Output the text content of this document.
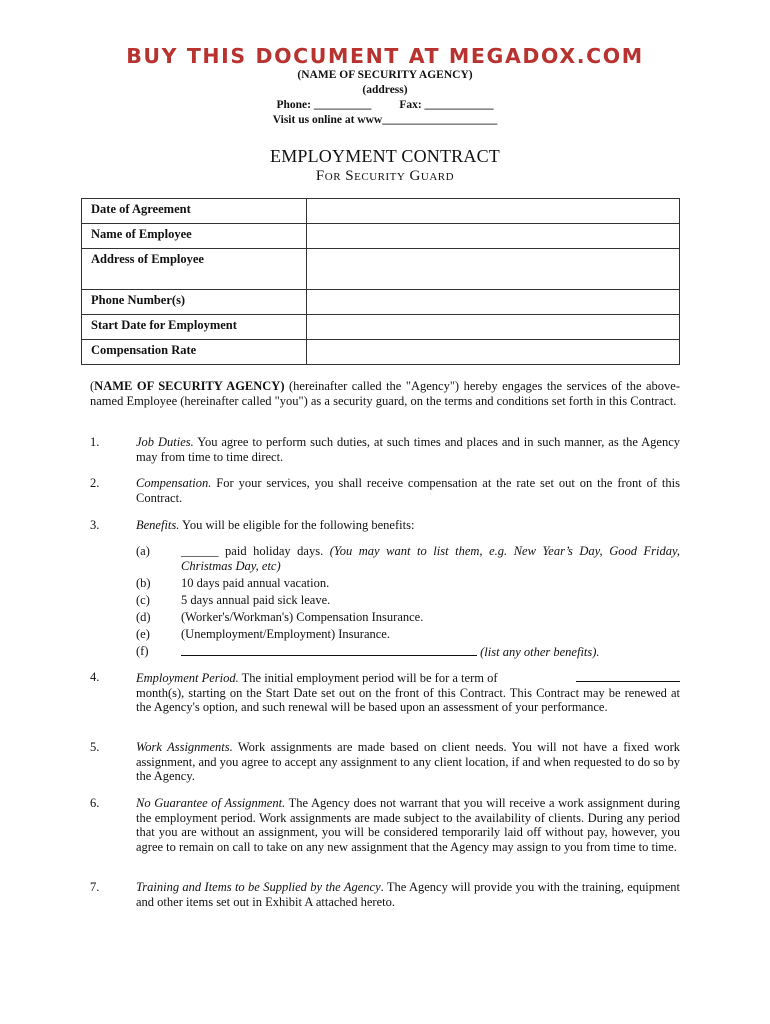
BUY THIS DOCUMENT AT MEGADOX.COM
(NAME OF SECURITY AGENCY)
(address)
Phone: __________ Fax: ____________
Visit us online at www____________________
EMPLOYMENT CONTRACT
For Security Guard
Date of Agreement	
Name of Employee	
Address of Employee	
Phone Number(s)	
Start Date for Employment	
Compensation Rate	
(NAME OF SECURITY AGENCY) (hereinafter called the "Agency") hereby engages the services of the above-named Employee (hereinafter called "you") as a security guard, on the terms and conditions set forth in this Contract.
1.	Job Duties. You agree to perform such duties, at such times and places and in such manner, as the Agency may from time to time direct.
2.	Compensation. For your services, you shall receive compensation at the rate set out on the front of this Contract.
3.	Benefits. You will be eligible for the following benefits:
(a) ______ paid holiday days. (You may want to list them, e.g. New Year’s Day, Good Friday, Christmas Day, etc)
(b) 10 days paid annual vacation.
(c) 5 days annual paid sick leave.
(d) (Worker's/Workman's) Compensation Insurance.
(e) (Unemployment/Employment) Insurance.
(f)	(list any other benefits).
4.	Employment Period. The initial employment period will be for a term of
month(s), starting on the Start Date set out on the front of this Contract. This Contract may be renewed at the Agency's option, and such renewal will be based upon an assessment of your performance.
5.	Work Assignments. Work assignments are made based on client needs. You will not have a fixed work assignment, and you agree to accept any assignment to any client location, if and when requested to do so by the Agency.
6.	No Guarantee of Assignment. The Agency does not warrant that you will receive a work assignment during the employment period. Work assignments are made subject to the availability of clients. During any period that you are without an assignment, you will be considered temporarily laid off without pay, however, you agree to remain on call to take on any new assignment that the Agency may assign to you from time to time.
7.	Training and Items to be Supplied by the Agency. The Agency will provide you with the training, equipment and other items set out in Exhibit A attached hereto.
